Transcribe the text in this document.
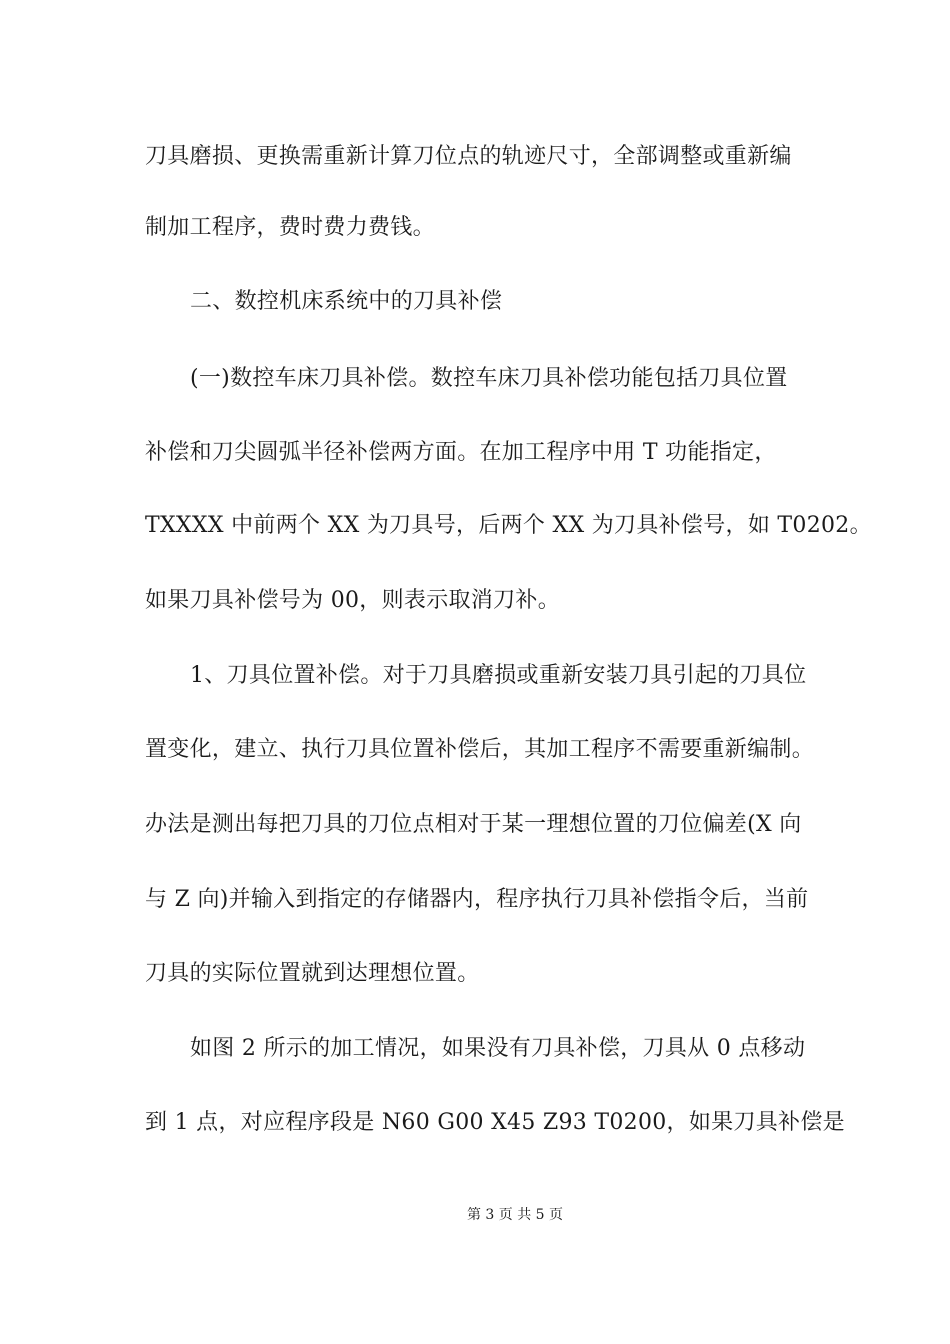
刀具磨损、更换需重新计算刀位点的轨迹尺寸，全部调整或重新编
制加工程序，费时费力费钱。
二、数控机床系统中的刀具补偿
(一)数控车床刀具补偿。数控车床刀具补偿功能包括刀具位置
补偿和刀尖圆弧半径补偿两方面。在加工程序中用 T 功能指定，
TXXXX 中前两个 XX 为刀具号，后两个 XX 为刀具补偿号，如 T0202。
如果刀具补偿号为 00，则表示取消刀补。
1、刀具位置补偿。对于刀具磨损或重新安装刀具引起的刀具位
置变化，建立、执行刀具位置补偿后，其加工程序不需要重新编制。
办法是测出每把刀具的刀位点相对于某一理想位置的刀位偏差(X 向
与 Z 向)并输入到指定的存储器内，程序执行刀具补偿指令后，当前
刀具的实际位置就到达理想位置。
如图 2 所示的加工情况，如果没有刀具补偿，刀具从 0 点移动
到 1 点，对应程序段是 N60 G00 X45 Z93 T0200，如果刀具补偿是
第 3 页 共 5 页
